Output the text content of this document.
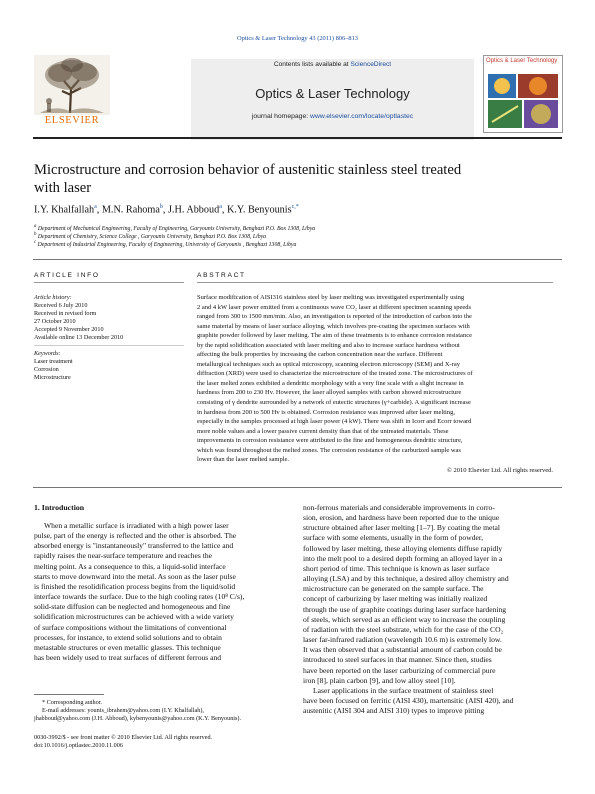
Optics & Laser Technology 43 (2011) 806–813
ELSEVIER
Contents lists available at ScienceDirect
Optics & Laser Technology
journal homepage: www.elsevier.com/locate/optlastec
Optics & Laser Technology
Microstructure and corrosion behavior of austenitic stainless steel treated
with laser
I.Y. Khalfallah$^a$, M.N. Rahoma$^b$, J.H. Abboud$^a$, K.Y. Benyounis$^{c,*}$
$^a$ Department of Mechanical Engineering, Faculty of Engineering, Garyounis University, Benghazi P.O. Box 1308, Libya
$^b$ Department of Chemistry, Science College , Garyounis University, Benghazi P.O. Box 1308, Libya
$^c$ Department of Industrial Engineering, Faculty of Engineering, University of Garyounis , Benghazi 1308, Libya
ARTICLE INFO
Article history:
Received 6 July 2010
Received in revised form
27 October 2010
Accepted 9 November 2010
Available online 13 December 2010
Keywords:
Laser treatment
Corrosion
Microstructure
ABSTRACT
Surface modification of AISI316 stainless steel by laser melting was investigated experimentally using
2 and 4 kW laser power emitted from a continuous wave CO₂ laser at different specimen scanning speeds
ranged from 300 to 1500 mm/min. Also, an investigation is reported of the introduction of carbon into the
same material by means of laser surface alloying, which involves pre-coating the specimen surfaces with
graphite powder followed by laser melting. The aim of these treatments is to enhance corrosion resistance
by the rapid solidification associated with laser melting and also to increase surface hardness without
affecting the bulk properties by increasing the carbon concentration near the surface. Different
metallurgical techniques such as optical microscopy, scanning electron microscopy (SEM) and X-ray
diffraction (XRD) were used to characterize the microstructure of the treated zone. The microstructures of
the laser melted zones exhibited a dendritic morphology with a very fine scale with a slight increase in
hardness from 200 to 230 Hv. However, the laser alloyed samples with carbon showed microstructure
consisting of γ dendrite surrounded by a network of eutectic structures (γ+carbide). A significant increase
in hardness from 200 to 500 Hv is obtained. Corrosion resistance was improved after laser melting,
especially in the samples processed at high laser power (4 kW). There was shift in Icorr and Ecorr toward
more noble values and a lower passive current density than that of the untreated materials. These
improvements in corrosion resistance were attributed to the fine and homogeneous dendritic structure,
which was found throughout the melted zones. The corrosion resistance of the carburized sample was
lower than the laser melted sample.
© 2010 Elsevier Ltd. All rights reserved.
1. Introduction
When a metallic surface is irradiated with a high power laser
pulse, part of the energy is reflected and the other is absorbed. The
absorbed energy is "instantaneously" transferred to the lattice and
rapidly raises the near-surface temperature and reaches the
melting point. As a consequence to this, a liquid-solid interface
starts to move downward into the metal. As soon as the laser pulse
is finished the resolidification process begins from the liquid/solid
interface towards the surface. Due to the high cooling rates (10⁸ C/s),
solid-state diffusion can be neglected and homogeneous and fine
solidification microstructures can be achieved with a wide variety
of surface compositions without the limitations of conventional
processes, for instance, to extend solid solutions and to obtain
metastable structures or even metallic glasses. This technique
has been widely used to treat surfaces of different ferrous and
* Corresponding author.
E-mail addresses: younis_ibrahem@yahoo.com (I.Y. Khalfallah),
jhabboud@yahoo.com (J.H. Abboud), kybenyounis@yahoo.com (K.Y. Benyounis).
0030-3992/$ - see front matter © 2010 Elsevier Ltd. All rights reserved.
doi:10.1016/j.optlastec.2010.11.006
non-ferrous materials and considerable improvements in corro-
sion, erosion, and hardness have been reported due to the unique
structure obtained after laser melting [1–7]. By coating the metal
surface with some elements, usually in the form of powder,
followed by laser melting, these alloying elements diffuse rapidly
into the melt pool to a desired depth forming an alloyed layer in a
short period of time. This technique is known as laser surface
alloying (LSA) and by this technique, a desired alloy chemistry and
microstructure can be generated on the sample surface. The
concept of carburizing by laser melting was initially realized
through the use of graphite coatings during laser surface hardening
of steels, which served as an efficient way to increase the coupling
of radiation with the steel substrate, which for the case of the CO₂
laser far-infrared radiation (wavelength 10.6 m) is extremely low.
It was then observed that a substantial amount of carbon could be
introduced to steel surfaces in that manner. Since then, studies
have been reported on the laser carburizing of commercial pure
iron [8], plain carbon [9], and low alloy steel [10].
Laser applications in the surface treatment of stainless steel
have been focused on ferritic (AISI 430), martensitic (AISI 420), and
austenitic (AISI 304 and AISI 310) types to improve pitting
